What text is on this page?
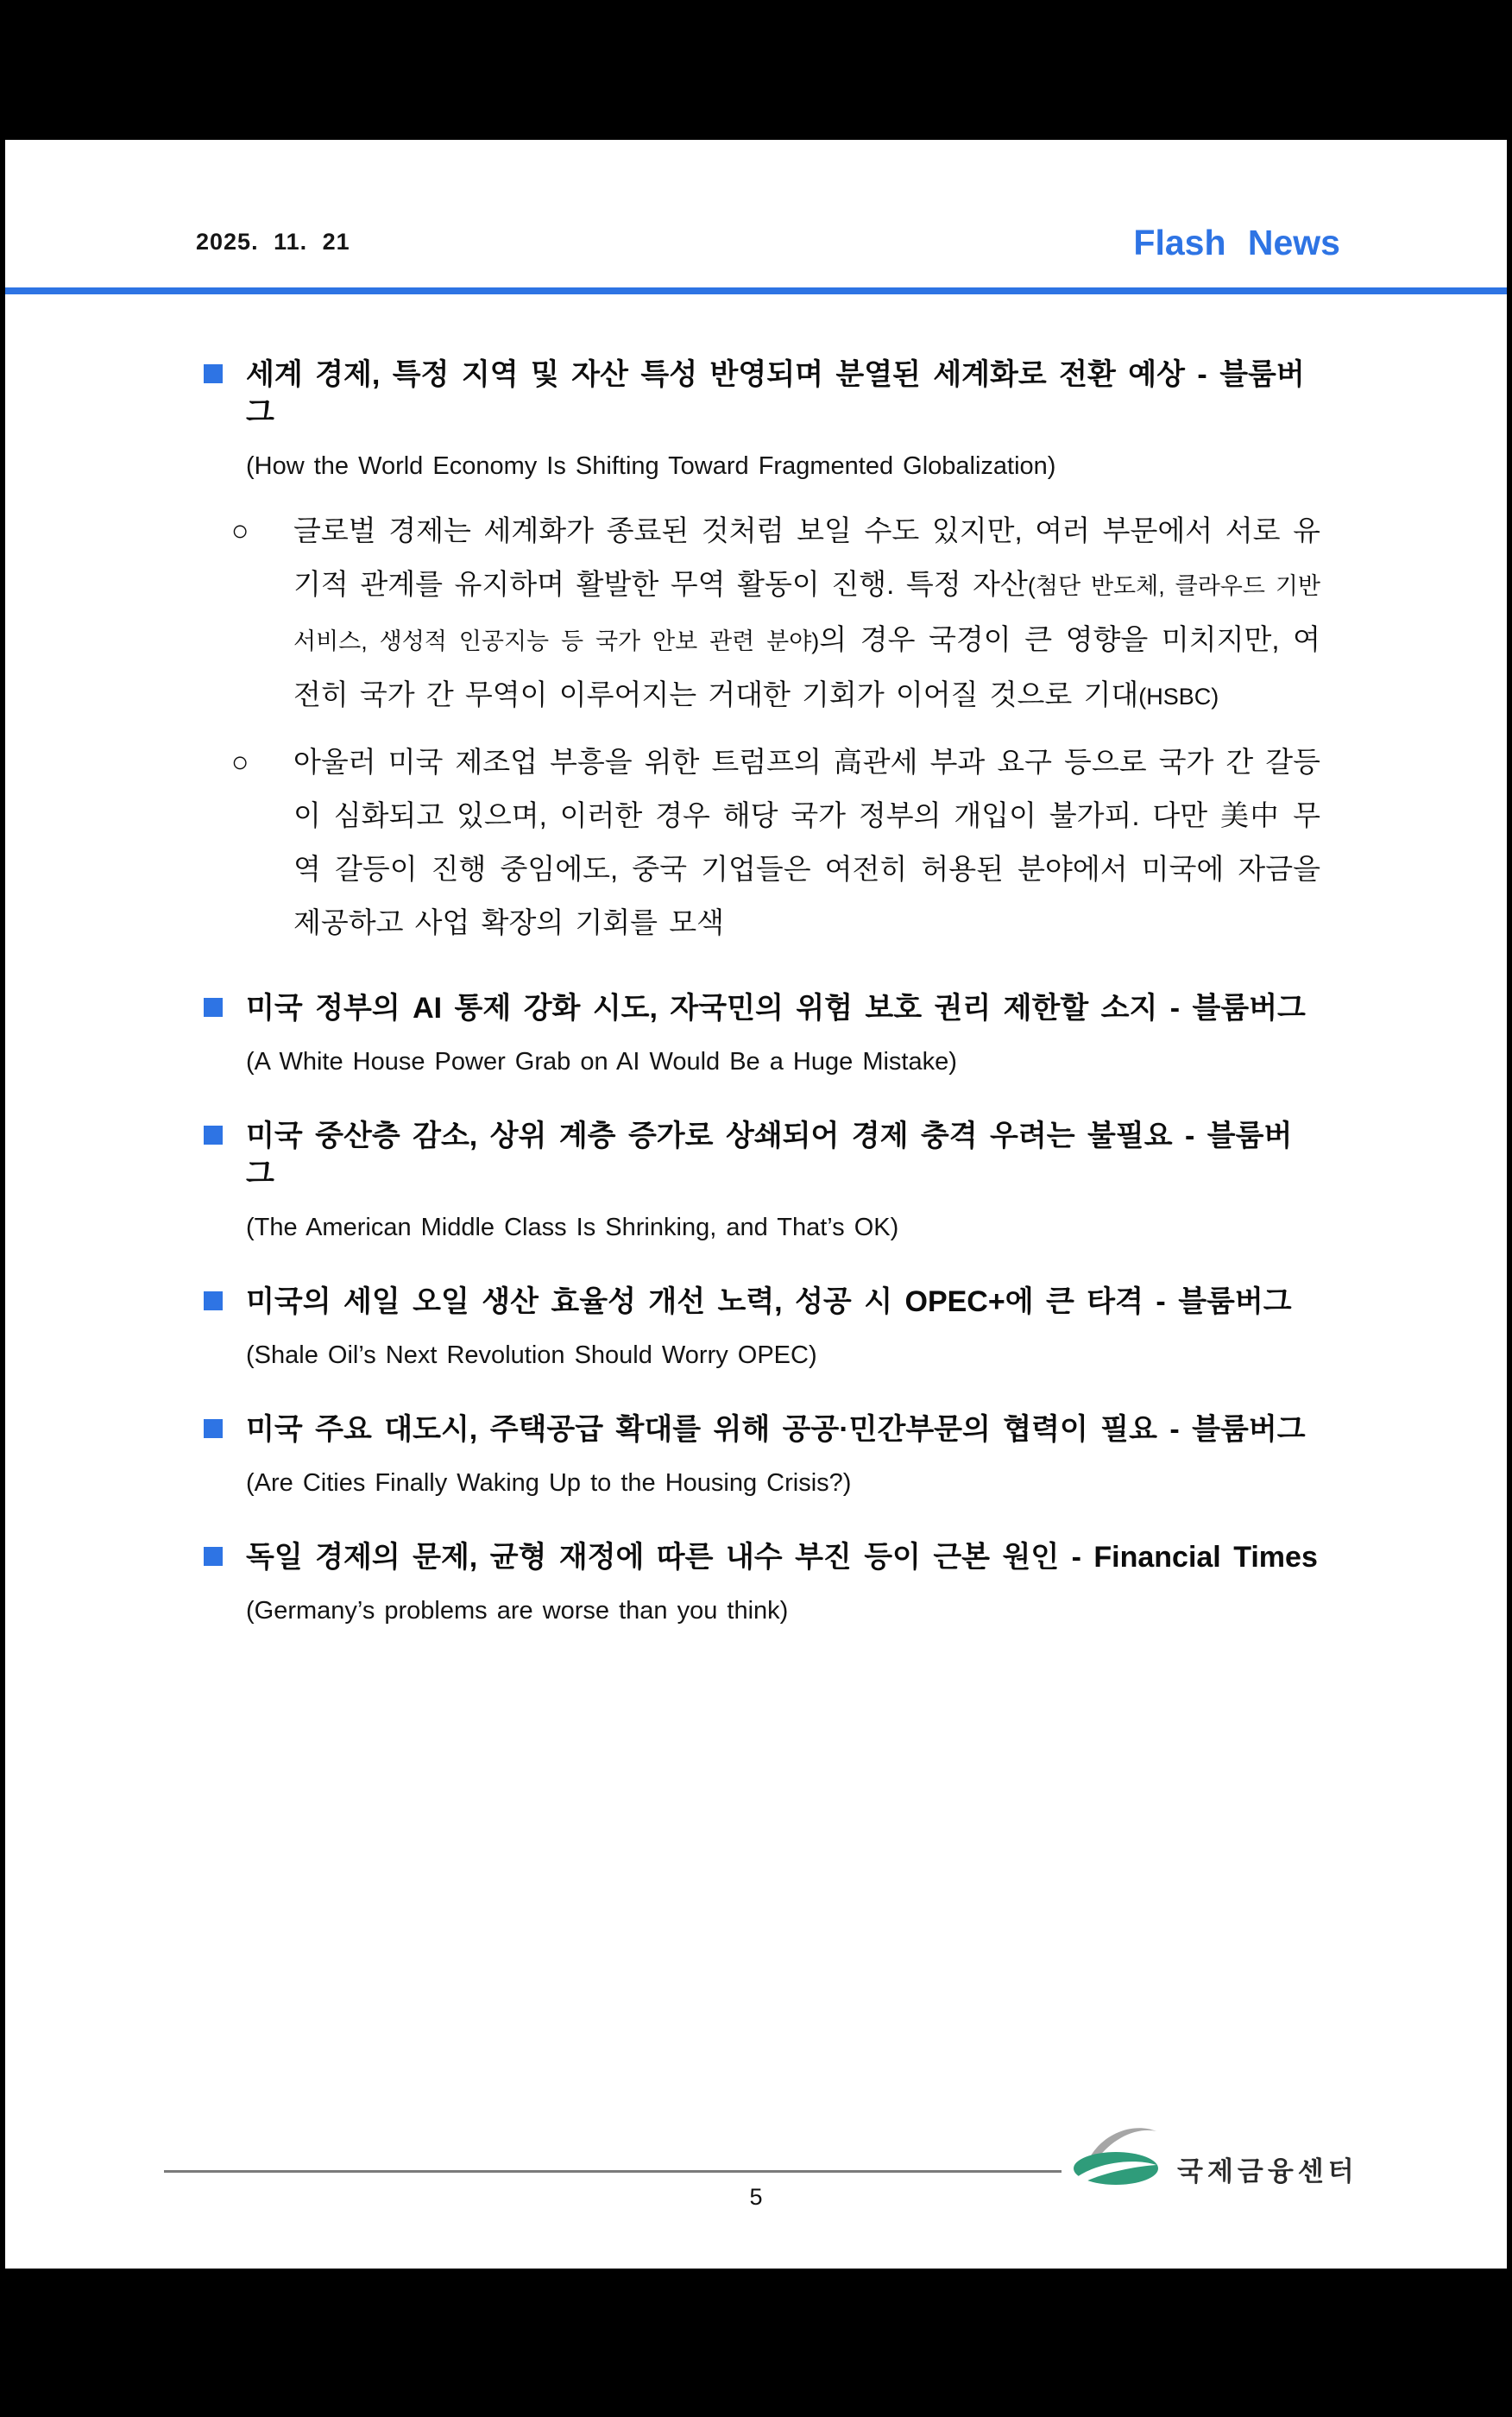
2025. 11. 21	Flash News
세계 경제, 특정 지역 및 자산 특성 반영되며 분열된 세계화로 전환 예상 - 블룸버그
(How the World Economy Is Shifting Toward Fragmented Globalization)

○ 글로벌 경제는 세계화가 종료된 것처럼 보일 수도 있지만, 여러 부문에서 서로 유기적 관계를 유지하며 활발한 무역 활동이 진행. 특정 자산(첨단 반도체, 클라우드 기반 서비스, 생성적 인공지능 등 국가 안보 관련 분야)의 경우 국경이 큰 영향을 미치지만, 여전히 국가 간 무역이 이루어지는 거대한 기회가 이어질 것으로 기대(HSBC)

○ 아울러 미국 제조업 부흥을 위한 트럼프의 高관세 부과 요구 등으로 국가 간 갈등이 심화되고 있으며, 이러한 경우 해당 국가 정부의 개입이 불가피. 다만 美中 무역 갈등이 진행 중임에도, 중국 기업들은 여전히 허용된 분야에서 미국에 자금을 제공하고 사업 확장의 기회를 모색

미국 정부의 AI 통제 강화 시도, 자국민의 위험 보호 권리 제한할 소지 - 블룸버그
(A White House Power Grab on AI Would Be a Huge Mistake)
미국 중산층 감소, 상위 계층 증가로 상쇄되어 경제 충격 우려는 불필요 - 블룸버그
(The American Middle Class Is Shrinking, and That’s OK)
미국의 세일 오일 생산 효율성 개선 노력, 성공 시 OPEC+에 큰 타격 - 블룸버그
(Shale Oil’s Next Revolution Should Worry OPEC)
미국 주요 대도시, 주택공급 확대를 위해 공공·민간부문의 협력이 필요 - 블룸버그
(Are Cities Finally Waking Up to the Housing Crisis?)
독일 경제의 문제, 균형 재정에 따른 내수 부진 등이 근본 원인 - Financial Times
(Germany’s problems are worse than you think)
국제금융센터
5
